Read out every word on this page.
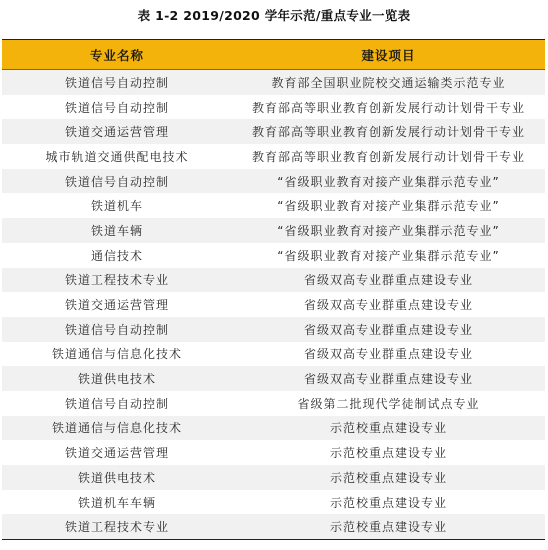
表 1-2 2019/2020 学年示范/重点专业一览表
专业名称	建设项目
铁道信号自动控制	教育部全国职业院校交通运输类示范专业
铁道信号自动控制	教育部高等职业教育创新发展行动计划骨干专业
铁道交通运营管理	教育部高等职业教育创新发展行动计划骨干专业
城市轨道交通供配电技术	教育部高等职业教育创新发展行动计划骨干专业
铁道信号自动控制	“省级职业教育对接产业集群示范专业”
铁道机车	“省级职业教育对接产业集群示范专业”
铁道车辆	“省级职业教育对接产业集群示范专业”
通信技术	“省级职业教育对接产业集群示范专业”
铁道工程技术专业	省级双高专业群重点建设专业
铁道交通运营管理	省级双高专业群重点建设专业
铁道信号自动控制	省级双高专业群重点建设专业
铁道通信与信息化技术	省级双高专业群重点建设专业
铁道供电技术	省级双高专业群重点建设专业
铁道信号自动控制	省级第二批现代学徒制试点专业
铁道通信与信息化技术	示范校重点建设专业
铁道交通运营管理	示范校重点建设专业
铁道供电技术	示范校重点建设专业
铁道机车车辆	示范校重点建设专业
铁道工程技术专业	示范校重点建设专业
